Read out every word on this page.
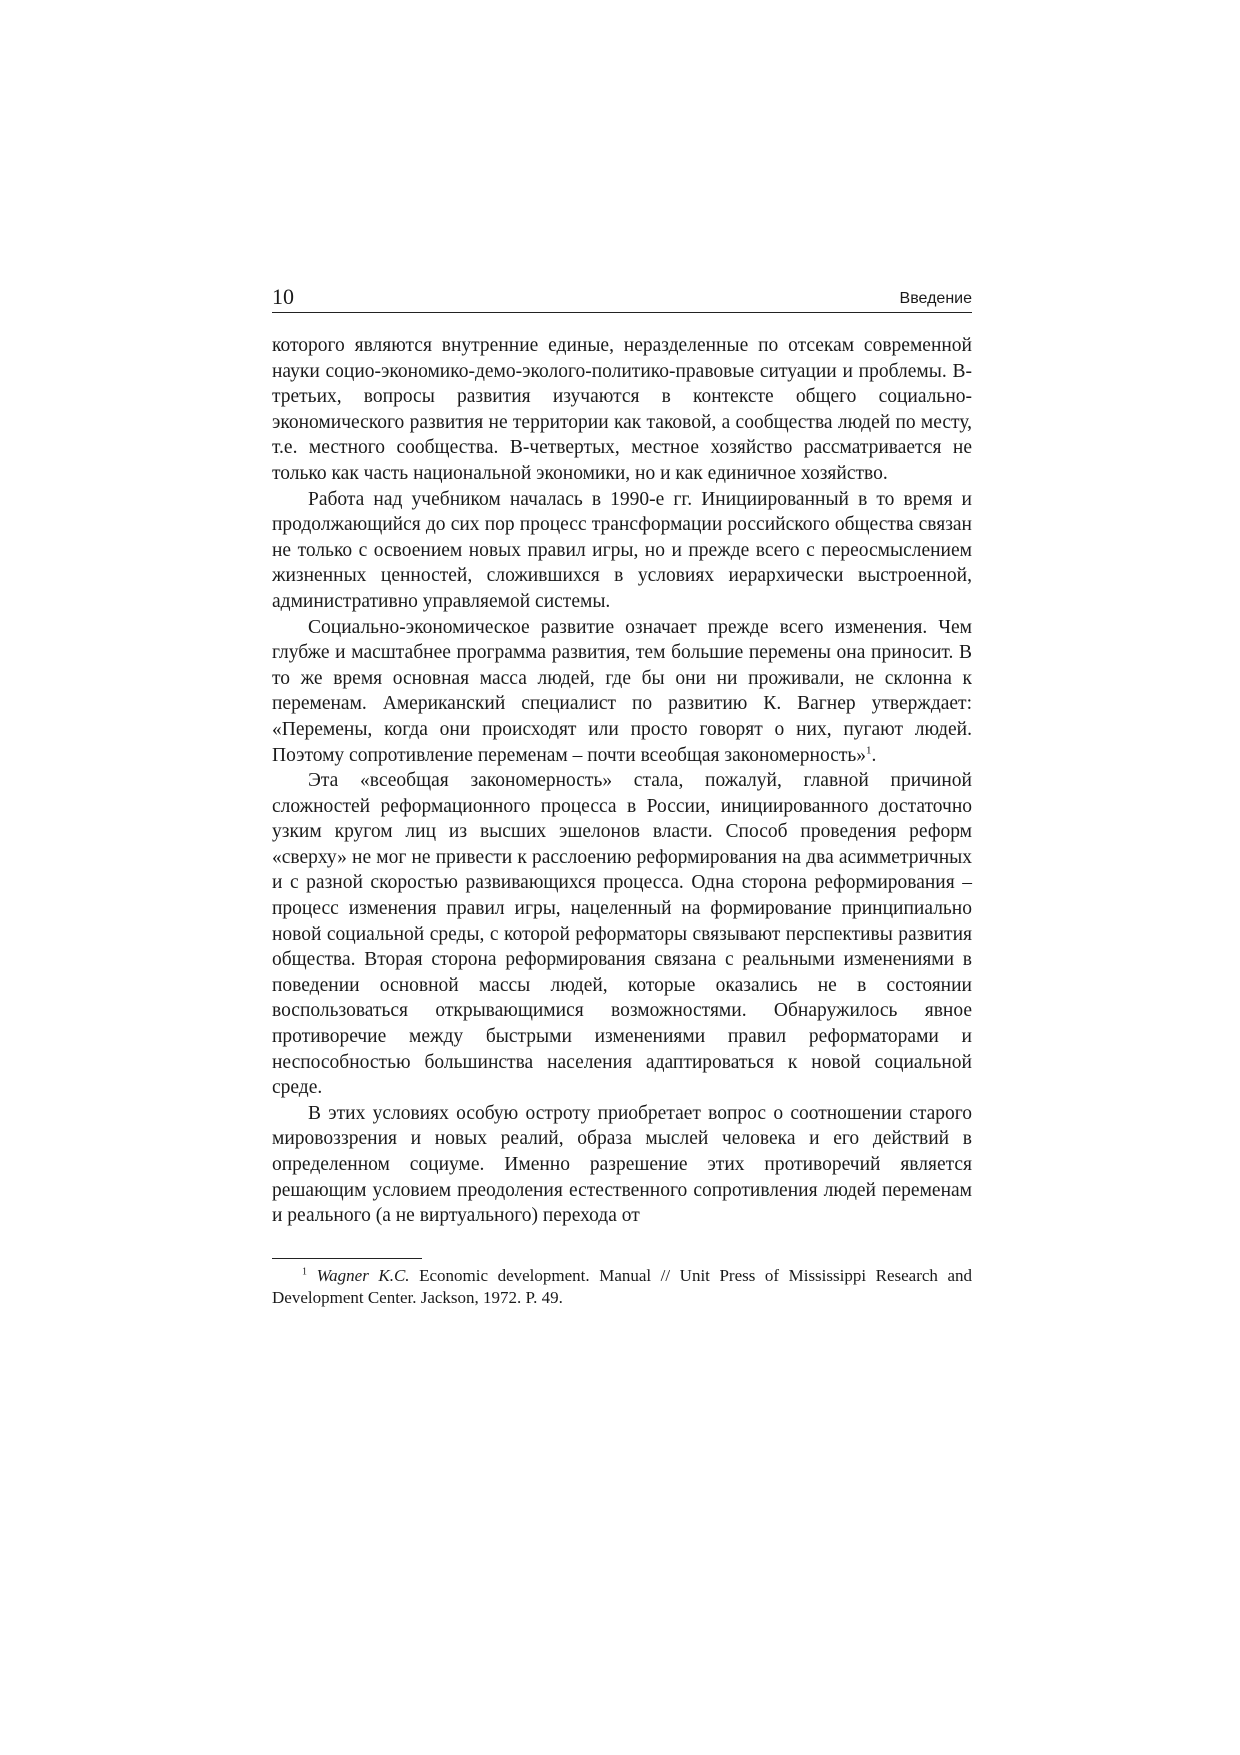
10	Введение

которого являются внутренние единые, неразделенные по отсекам современной науки социо-экономико-демо-эколого-политико-правовые ситуации и проблемы. В-третьих, вопросы развития изучаются в контексте общего социально-экономического развития не территории как таковой, а сообщества людей по месту, т.е. местного сообщества. В-четвертых, местное хозяйство рассматривается не только как часть национальной экономики, но и как единичное хозяйство.

Работа над учебником началась в 1990-е гг. Инициированный в то время и продолжающийся до сих пор процесс трансформации российского общества связан не только с освоением новых правил игры, но и прежде всего с переосмыслением жизненных ценностей, сложившихся в условиях иерархически выстроенной, административно управляемой системы.

Социально-экономическое развитие означает прежде всего изменения. Чем глубже и масштабнее программа развития, тем большие перемены она приносит. В то же время основная масса людей, где бы они ни проживали, не склонна к переменам. Американский специалист по развитию К. Вагнер утверждает: «Перемены, когда они происходят или просто говорят о них, пугают людей. Поэтому сопротивление переменам – почти всеобщая закономерность»$^1$.

Эта «всеобщая закономерность» стала, пожалуй, главной причиной сложностей реформационного процесса в России, инициированного достаточно узким кругом лиц из высших эшелонов власти. Способ проведения реформ «сверху» не мог не привести к расслоению реформирования на два асимметричных и с разной скоростью развивающихся процесса. Одна сторона реформирования – процесс изменения правил игры, нацеленный на формирование принципиально новой социальной среды, с которой реформаторы связывают перспективы развития общества. Вторая сторона реформирования связана с реальными изменениями в поведении основной массы людей, которые оказались не в состоянии воспользоваться открывающимися возможностями. Обнаружилось явное противоречие между быстрыми изменениями правил реформаторами и неспособностью большинства населения адаптироваться к новой социальной среде.

В этих условиях особую остроту приобретает вопрос о соотношении старого мировоззрения и новых реалий, образа мыслей человека и его действий в определенном социуме. Именно разрешение этих противоречий является решающим условием преодоления естественного сопротивления людей переменам и реального (а не виртуального) перехода от

$^1$ Wagner K.C. Economic development. Manual // Unit Press of Mississippi Research and Development Center. Jackson, 1972. P. 49.
